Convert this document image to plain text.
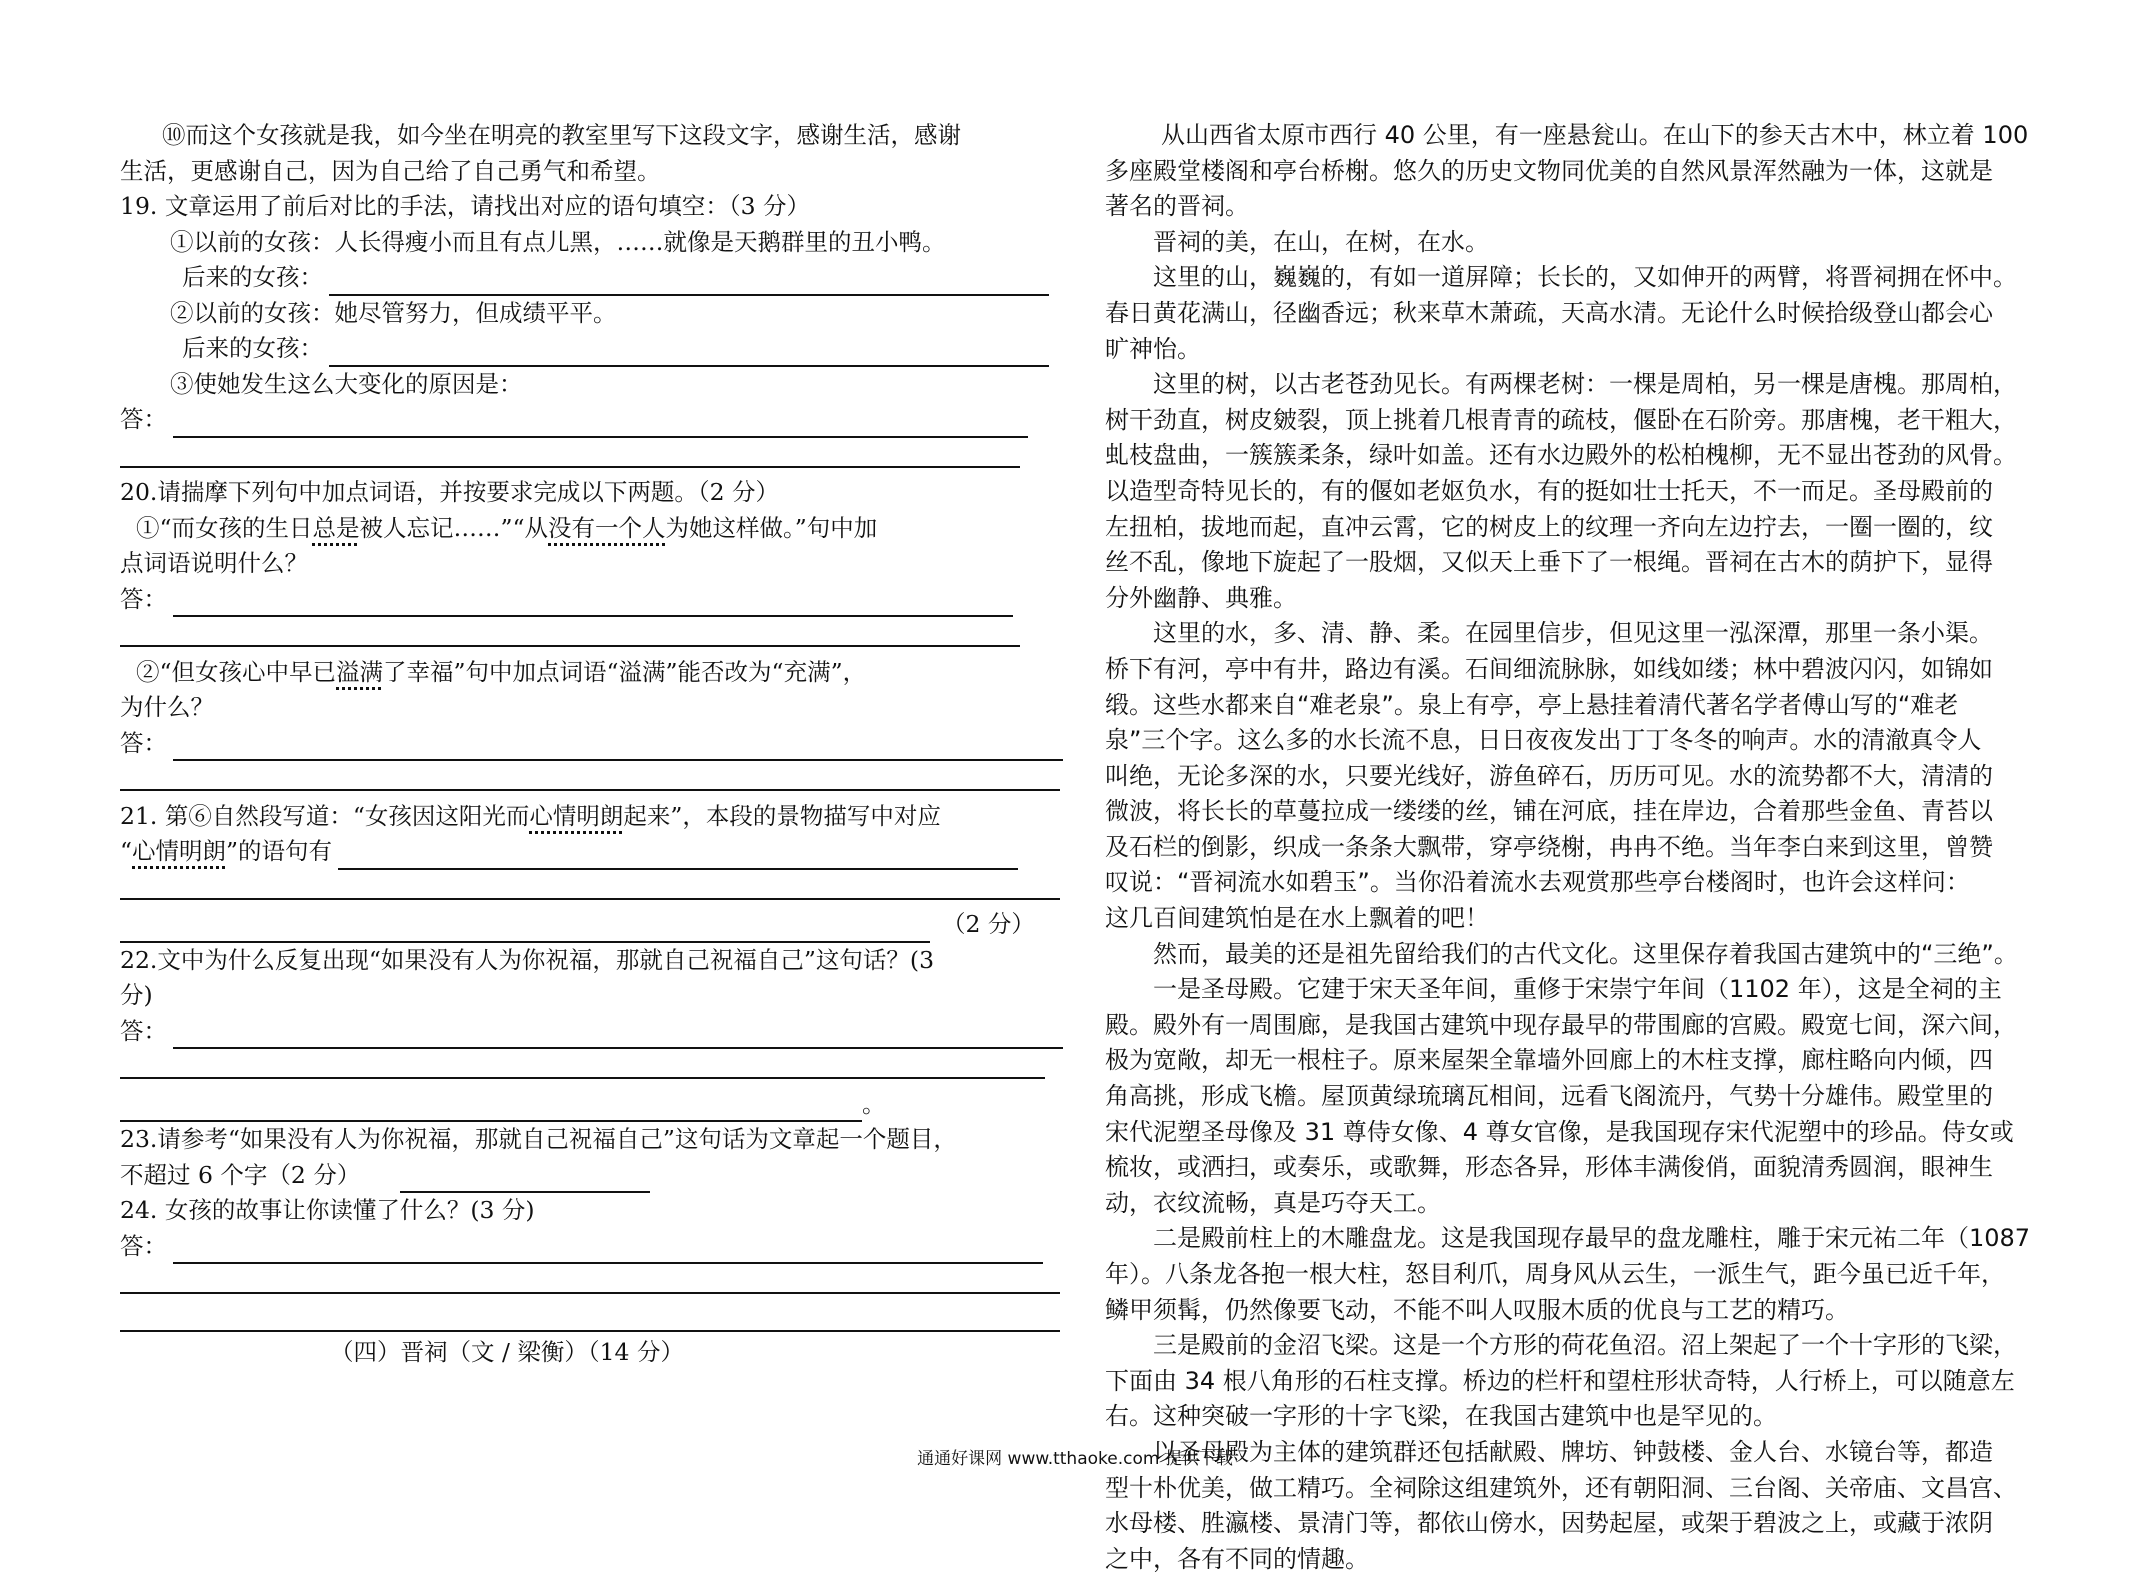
⑩而这个女孩就是我，如今坐在明亮的教室里写下这段文字，感谢生活，感谢
生活，更感谢自己，因为自己给了自己勇气和希望。
19. 文章运用了前后对比的手法，请找出对应的语句填空：（3 分）
①以前的女孩：人长得瘦小而且有点儿黑，……就像是天鹅群里的丑小鸭。
后来的女孩：
②以前的女孩：她尽管努力，但成绩平平。
后来的女孩：
③使她发生这么大变化的原因是：
答：
20.请揣摩下列句中加点词语，并按要求完成以下两题。（2 分）
①“而女孩的生日总是被人忘记……”“从没有一个人为她这样做。”句中加
点词语说明什么？
答：
②“但女孩心中早已溢满了幸福”句中加点词语“溢满”能否改为“充满”，
为什么？
答：
21. 第⑥自然段写道：“女孩因这阳光而心情明朗起来”，本段的景物描写中对应
“ 心情明朗 ”的语句有
（2 分）
22.文中为什么反复出现“如果没有人为你祝福，那就自己祝福自己”这句话？(3
分)
答：
。
23.请参考“如果没有人为你祝福，那就自己祝福自己”这句话为文章起一个题目，
不超过 6 个字（2 分）
24. 女孩的故事让你读懂了什么？(3 分)
答：
（四）晋祠（文 / 梁衡）（14 分）
从山西省太原市西行 40 公里，有一座悬瓮山。在山下的参天古木中，林立着 100
多座殿堂楼阁和亭台桥榭。悠久的历史文物同优美的自然风景浑然融为一体，这就是
著名的晋祠。
晋祠的美，在山，在树，在水。
这里的山，巍巍的，有如一道屏障；长长的，又如伸开的两臂，将晋祠拥在怀中。
春日黄花满山，径幽香远；秋来草木萧疏，天高水清。无论什么时候拾级登山都会心
旷神怡。
这里的树，以古老苍劲见长。有两棵老树：一棵是周柏，另一棵是唐槐。那周柏，
树干劲直，树皮皴裂，顶上挑着几根青青的疏枝，偃卧在石阶旁。那唐槐，老干粗大，
虬枝盘曲，一簇簇柔条，绿叶如盖。还有水边殿外的松柏槐柳，无不显出苍劲的风骨。
以造型奇特见长的，有的偃如老妪负水，有的挺如壮士托天，不一而足。圣母殿前的
左扭柏，拔地而起，直冲云霄，它的树皮上的纹理一齐向左边拧去，一圈一圈的，纹
丝不乱，像地下旋起了一股烟，又似天上垂下了一根绳。晋祠在古木的荫护下，显得
分外幽静、典雅。
这里的水，多、清、静、柔。在园里信步，但见这里一泓深潭，那里一条小渠。
桥下有河，亭中有井，路边有溪。石间细流脉脉，如线如缕；林中碧波闪闪，如锦如
缎。这些水都来自“难老泉”。泉上有亭，亭上悬挂着清代著名学者傅山写的“难老
泉”三个字。这么多的水长流不息，日日夜夜发出丁丁冬冬的响声。水的清澈真令人
叫绝，无论多深的水，只要光线好，游鱼碎石，历历可见。水的流势都不大，清清的
微波，将长长的草蔓拉成一缕缕的丝，铺在河底，挂在岸边，合着那些金鱼、青苔以
及石栏的倒影，织成一条条大飘带，穿亭绕榭，冉冉不绝。当年李白来到这里，曾赞
叹说：“晋祠流水如碧玉”。当你沿着流水去观赏那些亭台楼阁时，也许会这样问：
这几百间建筑怕是在水上飘着的吧！
然而，最美的还是祖先留给我们的古代文化。这里保存着我国古建筑中的“三绝”。
一是圣母殿。它建于宋天圣年间，重修于宋崇宁年间（1102 年），这是全祠的主
殿。殿外有一周围廊，是我国古建筑中现存最早的带围廊的宫殿。殿宽七间，深六间，
极为宽敞，却无一根柱子。原来屋架全靠墙外回廊上的木柱支撑，廊柱略向内倾，四
角高挑，形成飞檐。屋顶黄绿琉璃瓦相间，远看飞阁流丹，气势十分雄伟。殿堂里的
宋代泥塑圣母像及 31 尊侍女像、4 尊女官像，是我国现存宋代泥塑中的珍品。侍女或
梳妆，或洒扫，或奏乐，或歌舞，形态各异，形体丰满俊俏，面貌清秀圆润，眼神生
动，衣纹流畅，真是巧夺天工。
二是殿前柱上的木雕盘龙。这是我国现存最早的盘龙雕柱，雕于宋元祐二年（1087
年）。八条龙各抱一根大柱，怒目利爪，周身风从云生，一派生气，距今虽已近千年，
鳞甲须髯，仍然像要飞动，不能不叫人叹服木质的优良与工艺的精巧。
三是殿前的金沼飞梁。这是一个方形的荷花鱼沼。沼上架起了一个十字形的飞梁，
下面由 34 根八角形的石柱支撑。桥边的栏杆和望柱形状奇特，人行桥上，可以随意左
右。这种突破一字形的十字飞梁，在我国古建筑中也是罕见的。
以圣母殿为主体的建筑群还包括献殿、牌坊、钟鼓楼、金人台、水镜台等，都造
型十朴优美，做工精巧。全祠除这组建筑外，还有朝阳洞、三台阁、关帝庙、文昌宫、
水母楼、胜瀛楼、景清门等，都依山傍水，因势起屋，或架于碧波之上，或藏于浓阴
之中，各有不同的情趣。
通通好课网 www.tthaoke.com 提供下载
